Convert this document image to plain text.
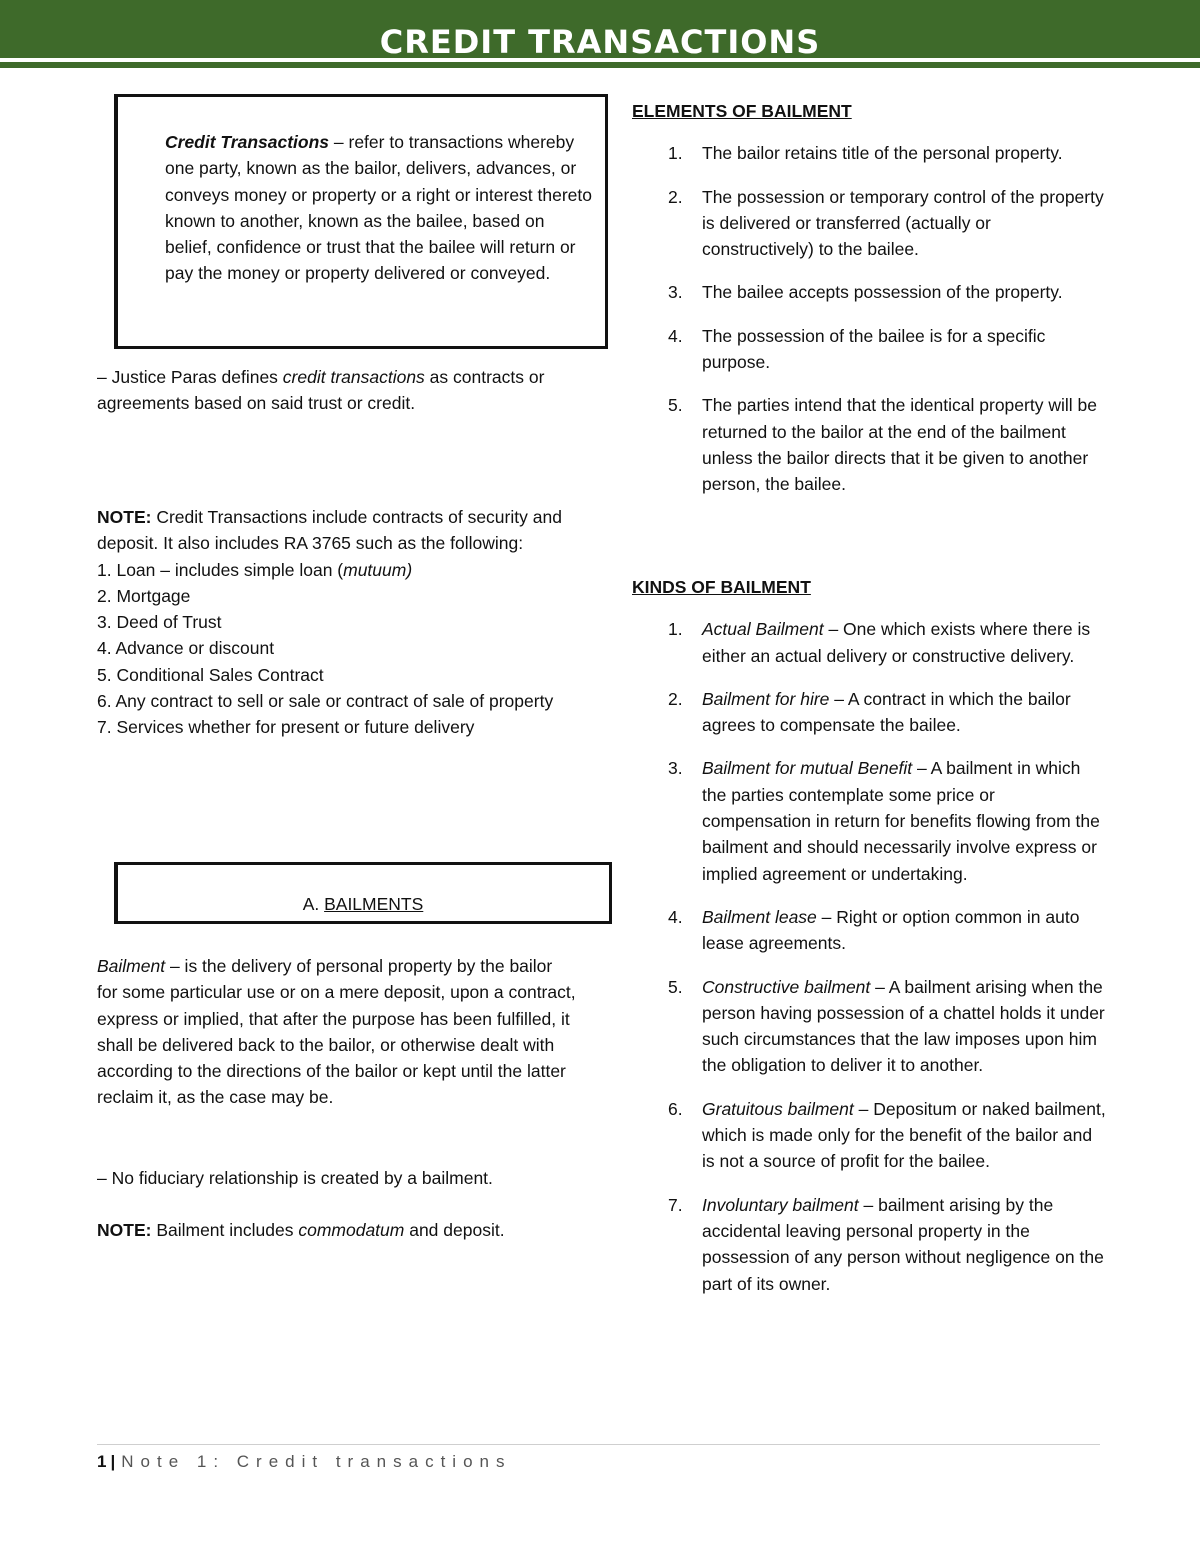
CREDIT TRANSACTIONS
Credit Transactions – refer to transactions whereby one party, known as the bailor, delivers, advances, or conveys money or property or a right or interest thereto known to another, known as the bailee, based on belief, confidence or trust that the bailee will return or pay the money or property delivered or conveyed.

– Justice Paras defines credit transactions as contracts or agreements based on said trust or credit.

NOTE: Credit Transactions include contracts of security and deposit. It also includes RA 3765 such as the following:

1. Loan – includes simple loan (mutuum)
2. Mortgage
3. Deed of Trust
4. Advance or discount
5. Conditional Sales Contract
6. Any contract to sell or sale or contract of sale of property
7. Services whether for present or future delivery
A. BAILMENTS

Bailment – is the delivery of personal property by the bailor for some particular use or on a mere deposit, upon a contract, express or implied, that after the purpose has been fulfilled, it shall be delivered back to the bailor, or otherwise dealt with according to the directions of the bailor or kept until the latter reclaim it, as the case may be.

– No fiduciary relationship is created by a bailment.
NOTE: Bailment includes commodatum and deposit.
ELEMENTS OF BAILMENT
1. The bailor retains title of the personal property.
2. The possession or temporary control of the property is delivered or transferred (actually or constructively) to the bailee.
3. The bailee accepts possession of the property.
4. The possession of the bailee is for a specific purpose.
5. The parties intend that the identical property will be returned to the bailor at the end of the bailment unless the bailor directs that it be given to another person, the bailee.
KINDS OF BAILMENT
1. Actual Bailment – One which exists where there is either an actual delivery or constructive delivery.
2. Bailment for hire – A contract in which the bailor agrees to compensate the bailee.
3. Bailment for mutual Benefit – A bailment in which the parties contemplate some price or compensation in return for benefits flowing from the bailment and should necessarily involve express or implied agreement or undertaking.
4. Bailment lease – Right or option common in auto lease agreements.
5. Constructive bailment – A bailment arising when the person having possession of a chattel holds it under such circumstances that the law imposes upon him the obligation to deliver it to another.
6. Gratuitous bailment – Depositum or naked bailment, which is made only for the benefit of the bailor and is not a source of profit for the bailee.
7. Involuntary bailment – bailment arising by the accidental leaving personal property in the possession of any person without negligence on the part of its owner.
1 | Note 1: Credit transactions
